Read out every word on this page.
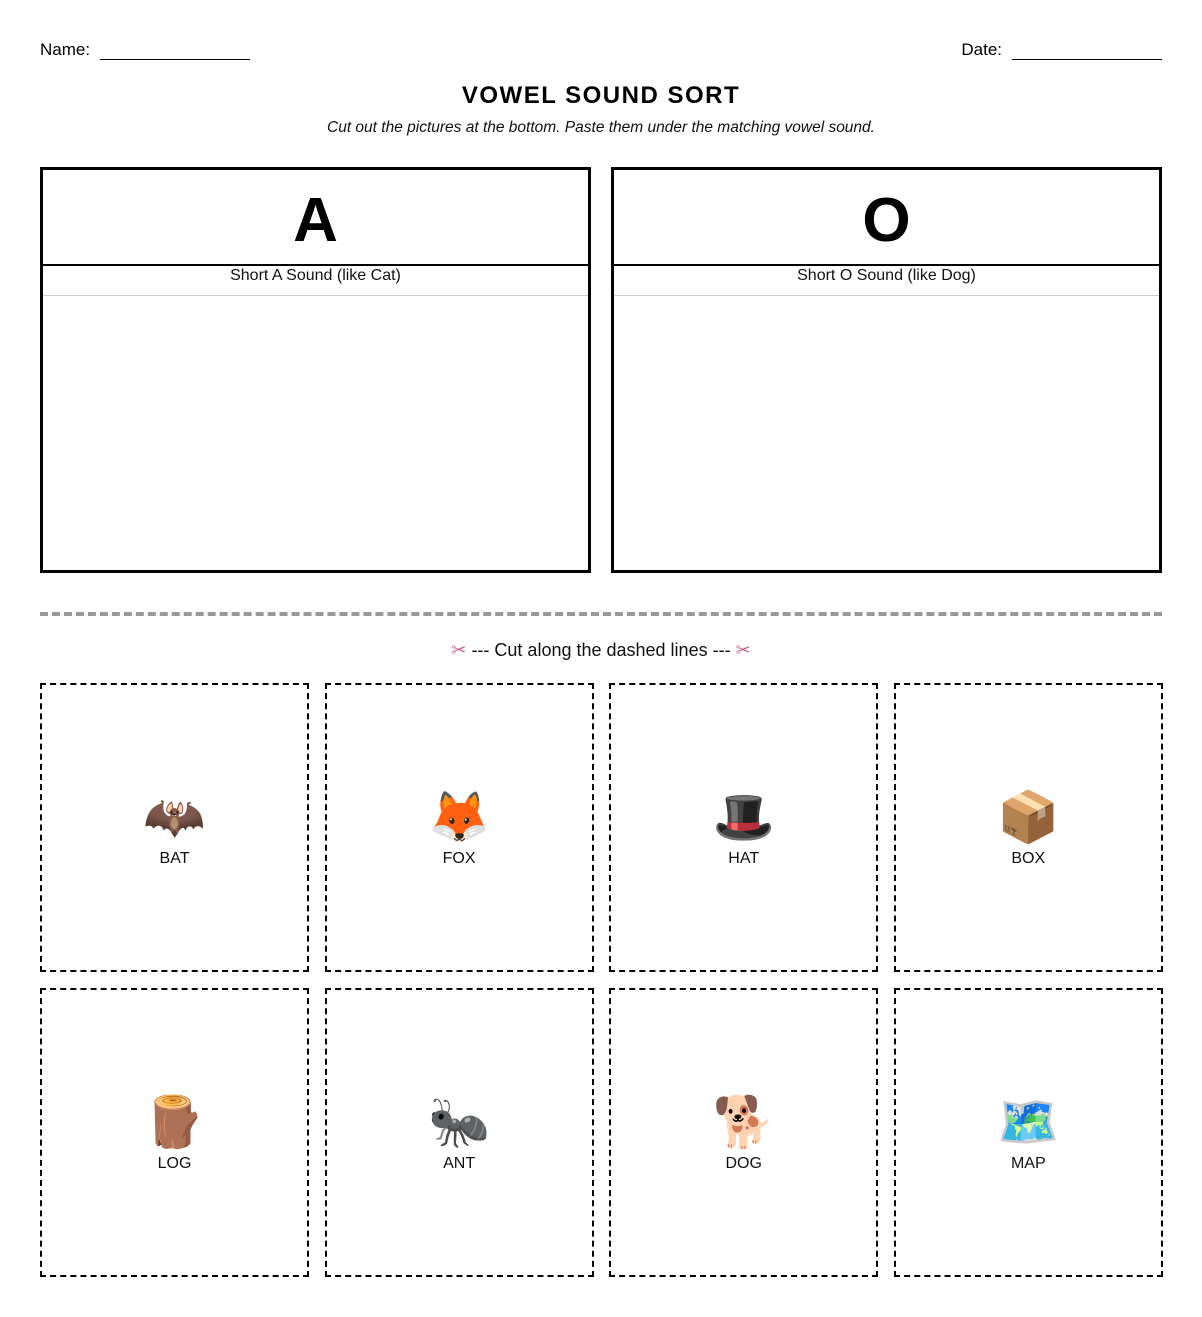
Name:	Date:
VOWEL SOUND SORT
Cut out the pictures at the bottom. Paste them under the matching vowel sound.
A
Short A Sound (like Cat)
O
Short O Sound (like Dog)
✂ --- Cut along the dashed lines --- ✂
🦇
BAT
🦊
FOX
🎩
HAT
📦
BOX
🪵
LOG
🐜
ANT
🐕
DOG
🗺️
MAP
